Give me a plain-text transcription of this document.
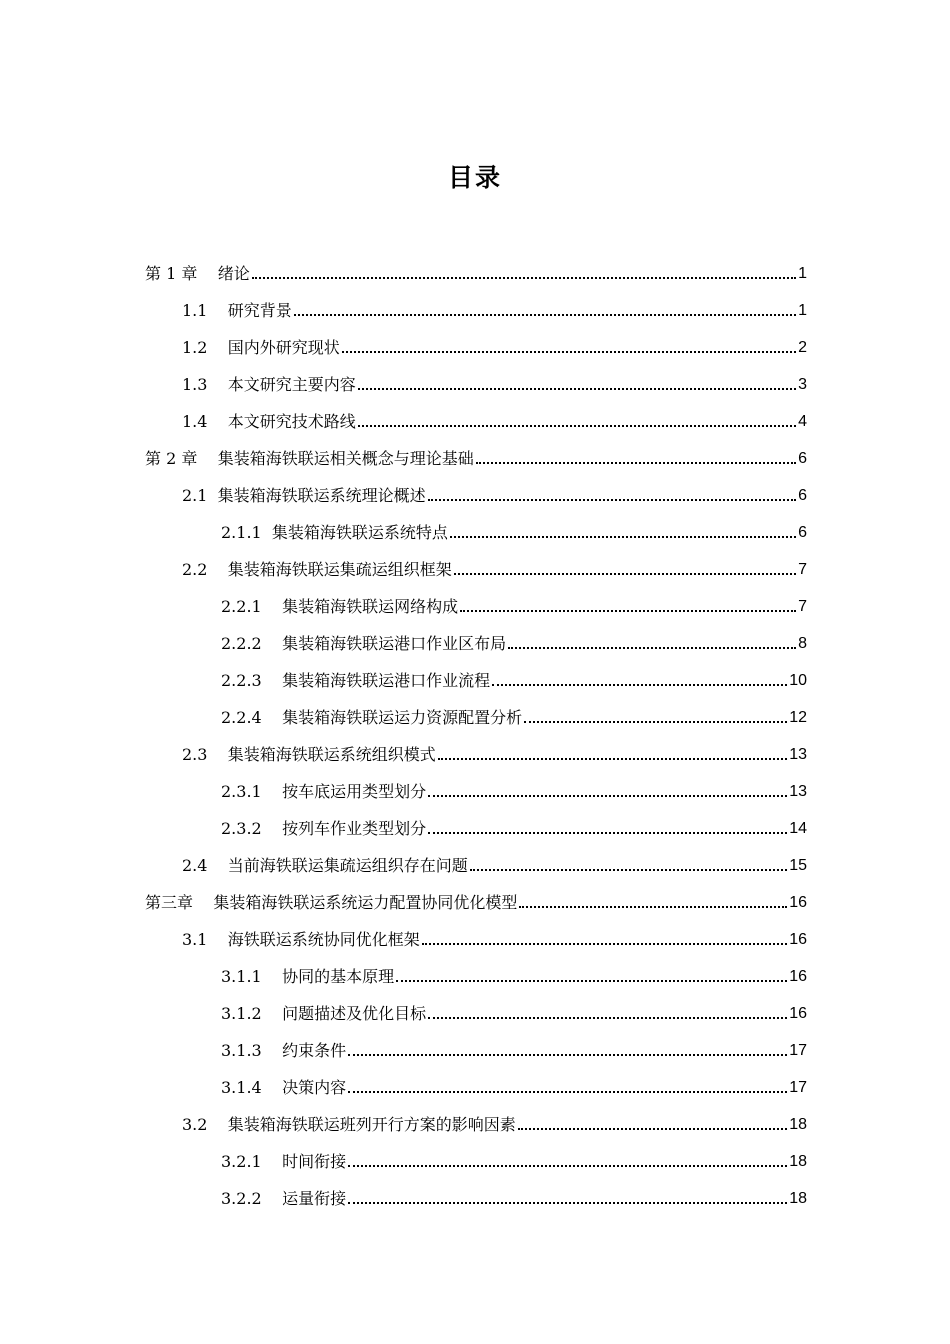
目录
第 1 章 绪论	1
1.1 研究背景	1
1.2 国内外研究现状	2
1.3 本文研究主要内容	3
1.4 本文研究技术路线	4
第 2 章 集装箱海铁联运相关概念与理论基础	6
2.1 集装箱海铁联运系统理论概述	6
2.1.1 集装箱海铁联运系统特点	6
2.2 集装箱海铁联运集疏运组织框架	7
2.2.1 集装箱海铁联运网络构成	7
2.2.2 集装箱海铁联运港口作业区布局	8
2.2.3 集装箱海铁联运港口作业流程	10
2.2.4 集装箱海铁联运运力资源配置分析	12
2.3 集装箱海铁联运系统组织模式	13
2.3.1 按车底运用类型划分	13
2.3.2 按列车作业类型划分	14
2.4 当前海铁联运集疏运组织存在问题	15
第三章 集装箱海铁联运系统运力配置协同优化模型	16
3.1 海铁联运系统协同优化框架	16
3.1.1 协同的基本原理	16
3.1.2 问题描述及优化目标	16
3.1.3 约束条件	17
3.1.4 决策内容	17
3.2 集装箱海铁联运班列开行方案的影响因素	18
3.2.1 时间衔接	18
3.2.2 运量衔接	18
